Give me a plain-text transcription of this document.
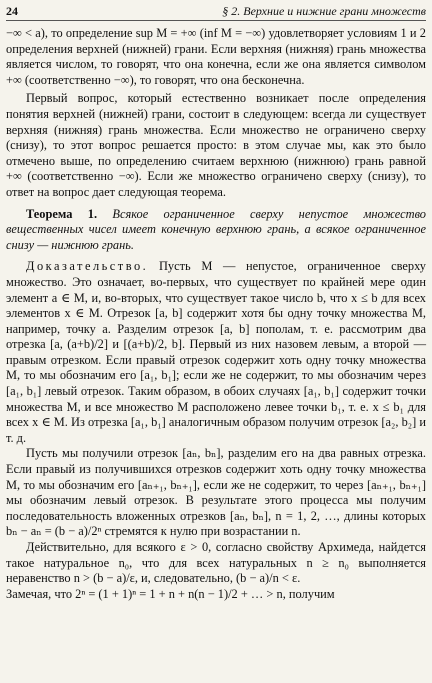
24	§ 2. Верхние и нижние грани множеств

−∞ < a), то определение sup M = +∞ (inf M = −∞) удовлетворяет условиям 1 и 2 определения верхней (нижней) грани. Если верхняя (нижняя) грань множества является числом, то говорят, что она конечна, если же она является символом +∞ (соответственно −∞), то говорят, что она бесконечна.

Первый вопрос, который естественно возникает после определения понятия верхней (нижней) грани, состоит в следующем: всегда ли существует верхняя (нижняя) грань множества. Если множество не ограничено сверху (снизу), то этот вопрос решается просто: в этом случае мы, как это было отмечено выше, по определению считаем верхнюю (нижнюю) грань равной +∞ (соответственно −∞). Если же множество ограничено сверху (снизу), то ответ на вопрос дает следующая теорема.

Теорема 1. Всякое ограниченное сверху непустое множество вещественных чисел имеет конечную верхнюю грань, а всякое ограниченное снизу — нижнюю грань.

Доказательство. Пусть M — непустое, ограниченное сверху множество. Это означает, во-первых, что существует по крайней мере один элемент a ∈ M, и, во-вторых, что существует такое число b, что x ≤ b для всех элементов x ∈ M. Отрезок [a, b] содержит хотя бы одну точку множества M, например, точку a. Разделим отрезок [a, b] пополам, т. е. рассмотрим два отрезка [a, (a+b)/2] и [(a+b)/2, b]. Первый из них назовем левым, а второй — правым отрезком. Если правый отрезок содержит хоть одну точку множества M, то мы обозначим его [a₁, b₁]; если же не содержит, то мы обозначим через [a₁, b₁] левый отрезок. Таким образом, в обоих случаях [a₁, b₁] содержит точки множества M, и все множество M расположено левее точки b₁, т. е. x ≤ b₁ для всех x ∈ M. Из отрезка [a₁, b₁] аналогичным образом получим отрезок [a₂, b₂] и т. д.

Пусть мы получили отрезок [aₙ, bₙ], разделим его на два равных отрезка. Если правый из получившихся отрезков содержит хоть одну точку множества M, то мы обозначим его [aₙ₊₁, bₙ₊₁], если же не содержит, то через [aₙ₊₁, bₙ₊₁] мы обозначим левый отрезок. В результате этого процесса мы получим последовательность вложенных отрезков [aₙ, bₙ], n = 1, 2, …, длины которых bₙ − aₙ = (b − a)/2ⁿ стремятся к нулю при возрастании n.

Действительно, для всякого ε > 0, согласно свойству Архимеда, найдется такое натуральное n₀, что для всех натуральных n ≥ n₀ выполняется неравенство n > (b − a)/ε, и, следовательно, (b − a)/n < ε.

Замечая, что 2ⁿ = (1 + 1)ⁿ = 1 + n + n(n − 1)/2 + … > n, получим
